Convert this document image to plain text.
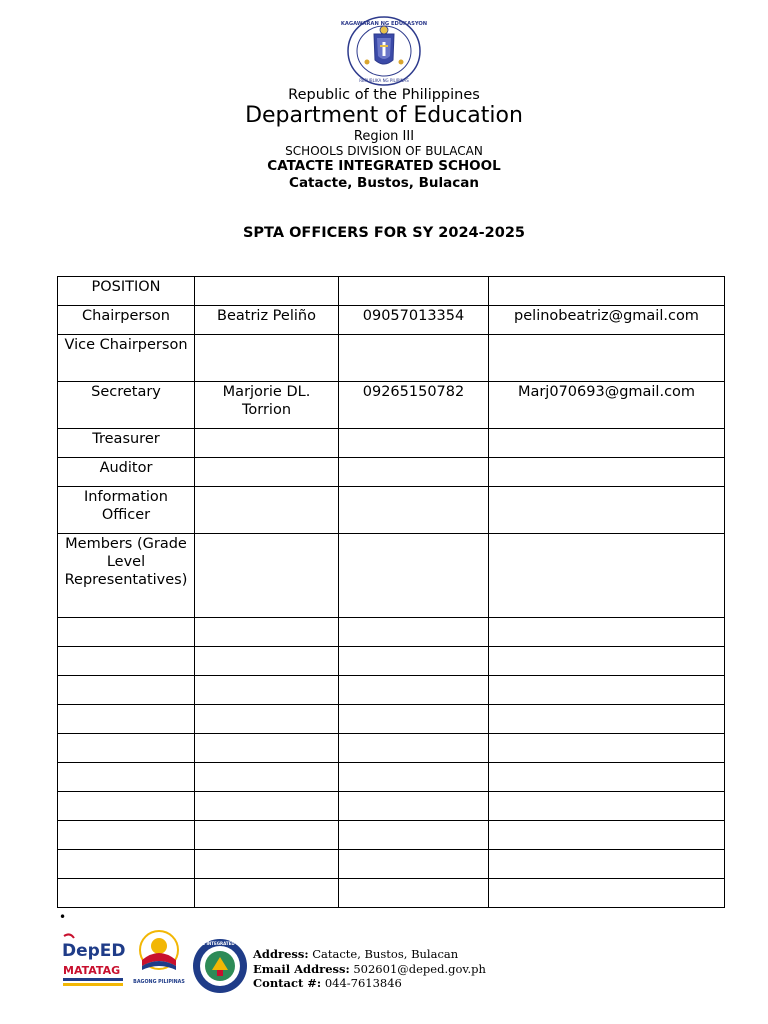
KAGAWARAN NG EDUKASYON
REPUBLIKA NG PILIPINAS
Republic of the Philippines
Department of Education
Region III
SCHOOLS DIVISION OF BULACAN
CATACTE INTEGRATED SCHOOL
Catacte, Bustos, Bulacan
SPTA OFFICERS FOR SY 2024-2025
POSITION			
Chairperson	Beatriz Peliño	09057013354	pelinobeatriz@gmail.com
Vice Chairperson			
Secretary	Marjorie DL. Torrion	09265150782	Marj070693@gmail.com
Treasurer			
Auditor			
Information Officer			
Members (Grade Level Representatives)			

•
DepED
MATATAG
BAGONG PILIPINAS
CATACTE INTEGRATED SCHOOL
Address: Catacte, Bustos, Bulacan
Email Address: 502601@deped.gov.ph
Contact #: 044-7613846
